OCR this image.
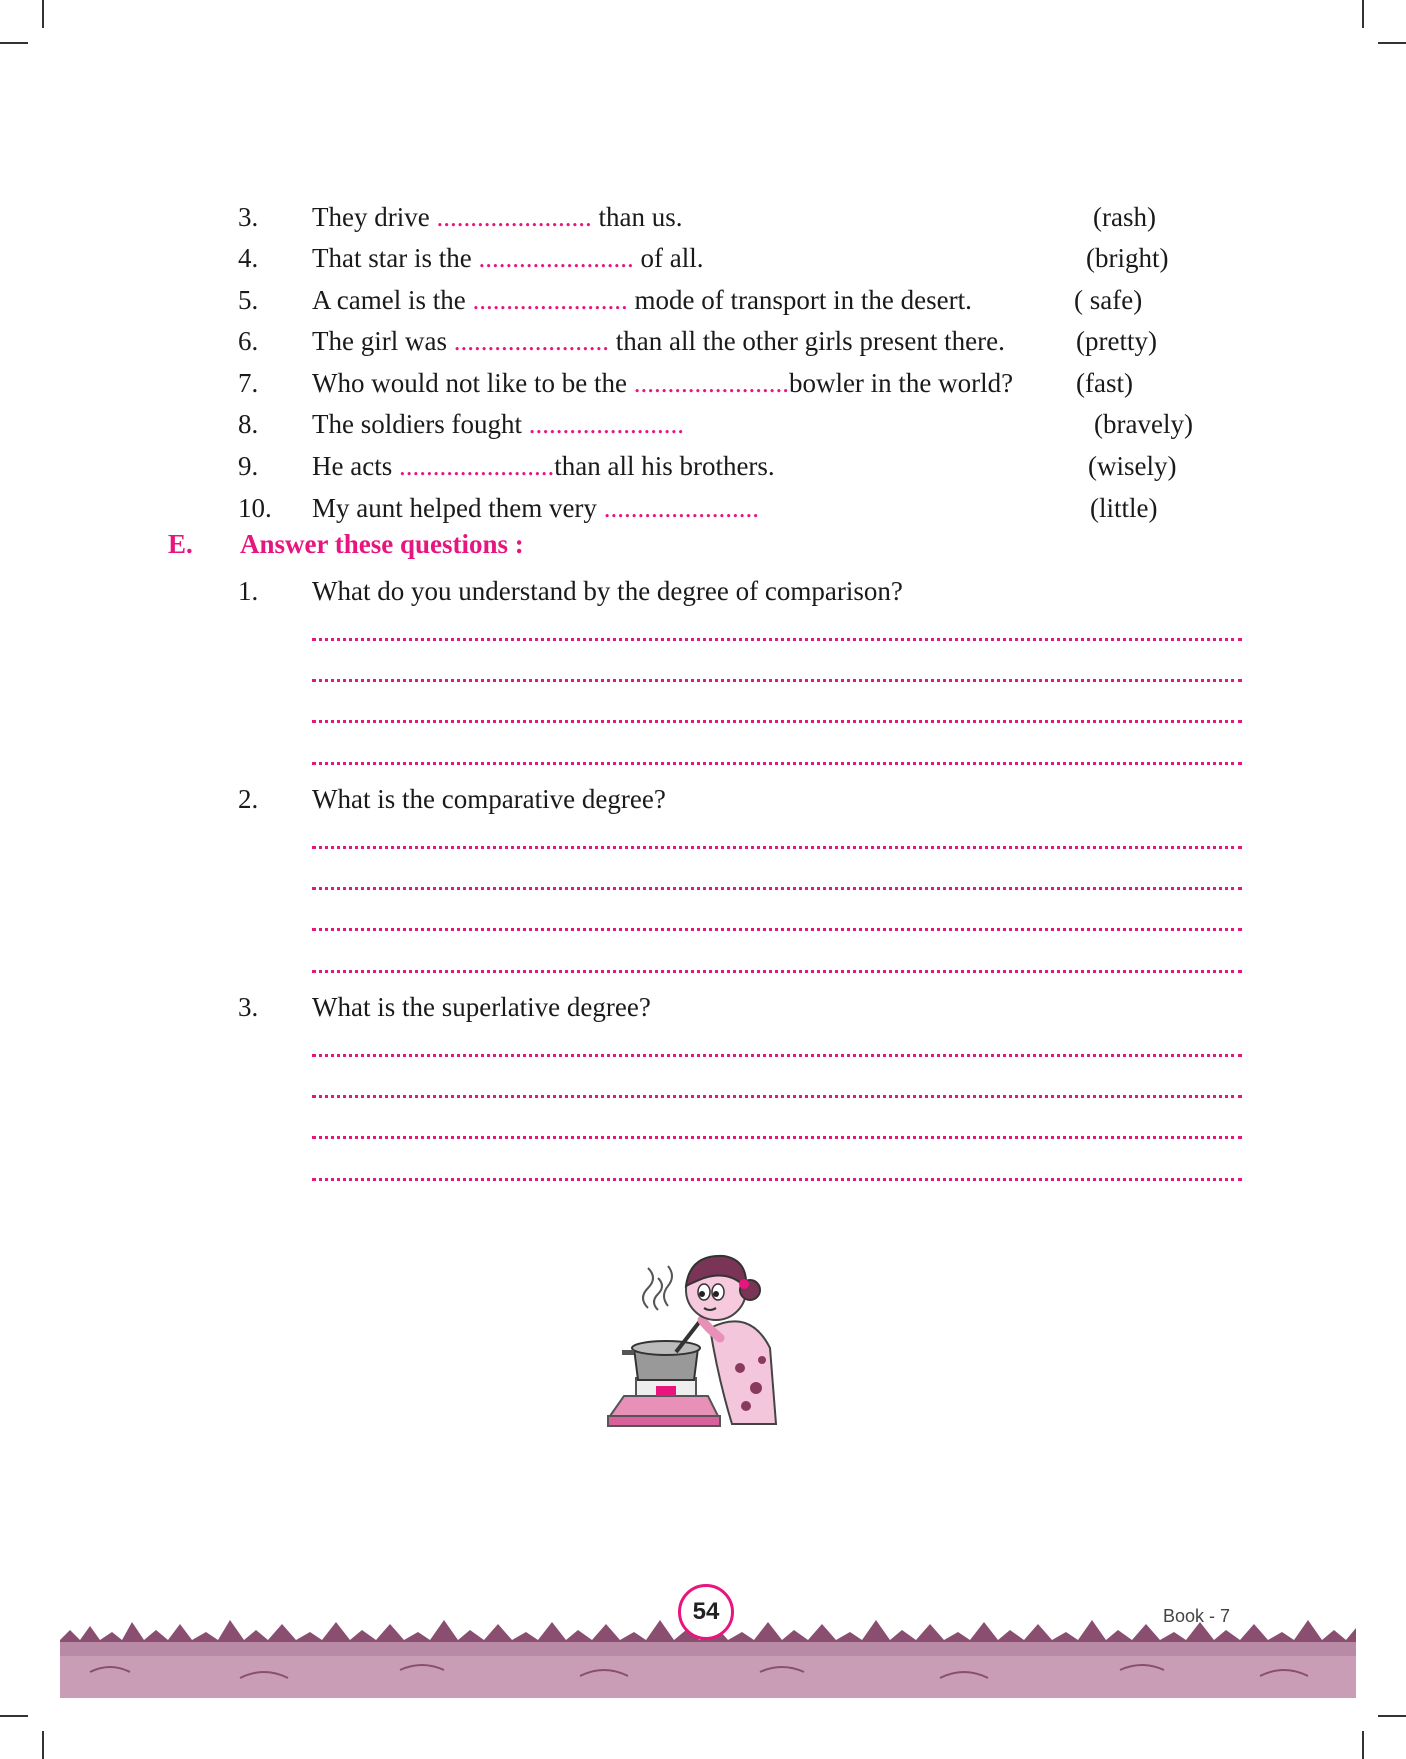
3. They drive ....................... than us.	(rash)
4. That star is the ....................... of all.	(bright)
5. A camel is the ....................... mode of transport in the desert.	( safe)
6. The girl was ....................... than all the other girls present there.	(pretty)
7. Who would not like to be the .......................bowler in the world? (fast)
8. The soldiers fought .......................	(bravely)
9. He acts .......................than all his brothers.	(wisely)
10. My aunt helped them very .......................	(little)
E. Answer these questions :
1. What do you understand by the degree of comparison?
2. What is the comparative degree?
3. What is the superlative degree?
54	Book - 7
